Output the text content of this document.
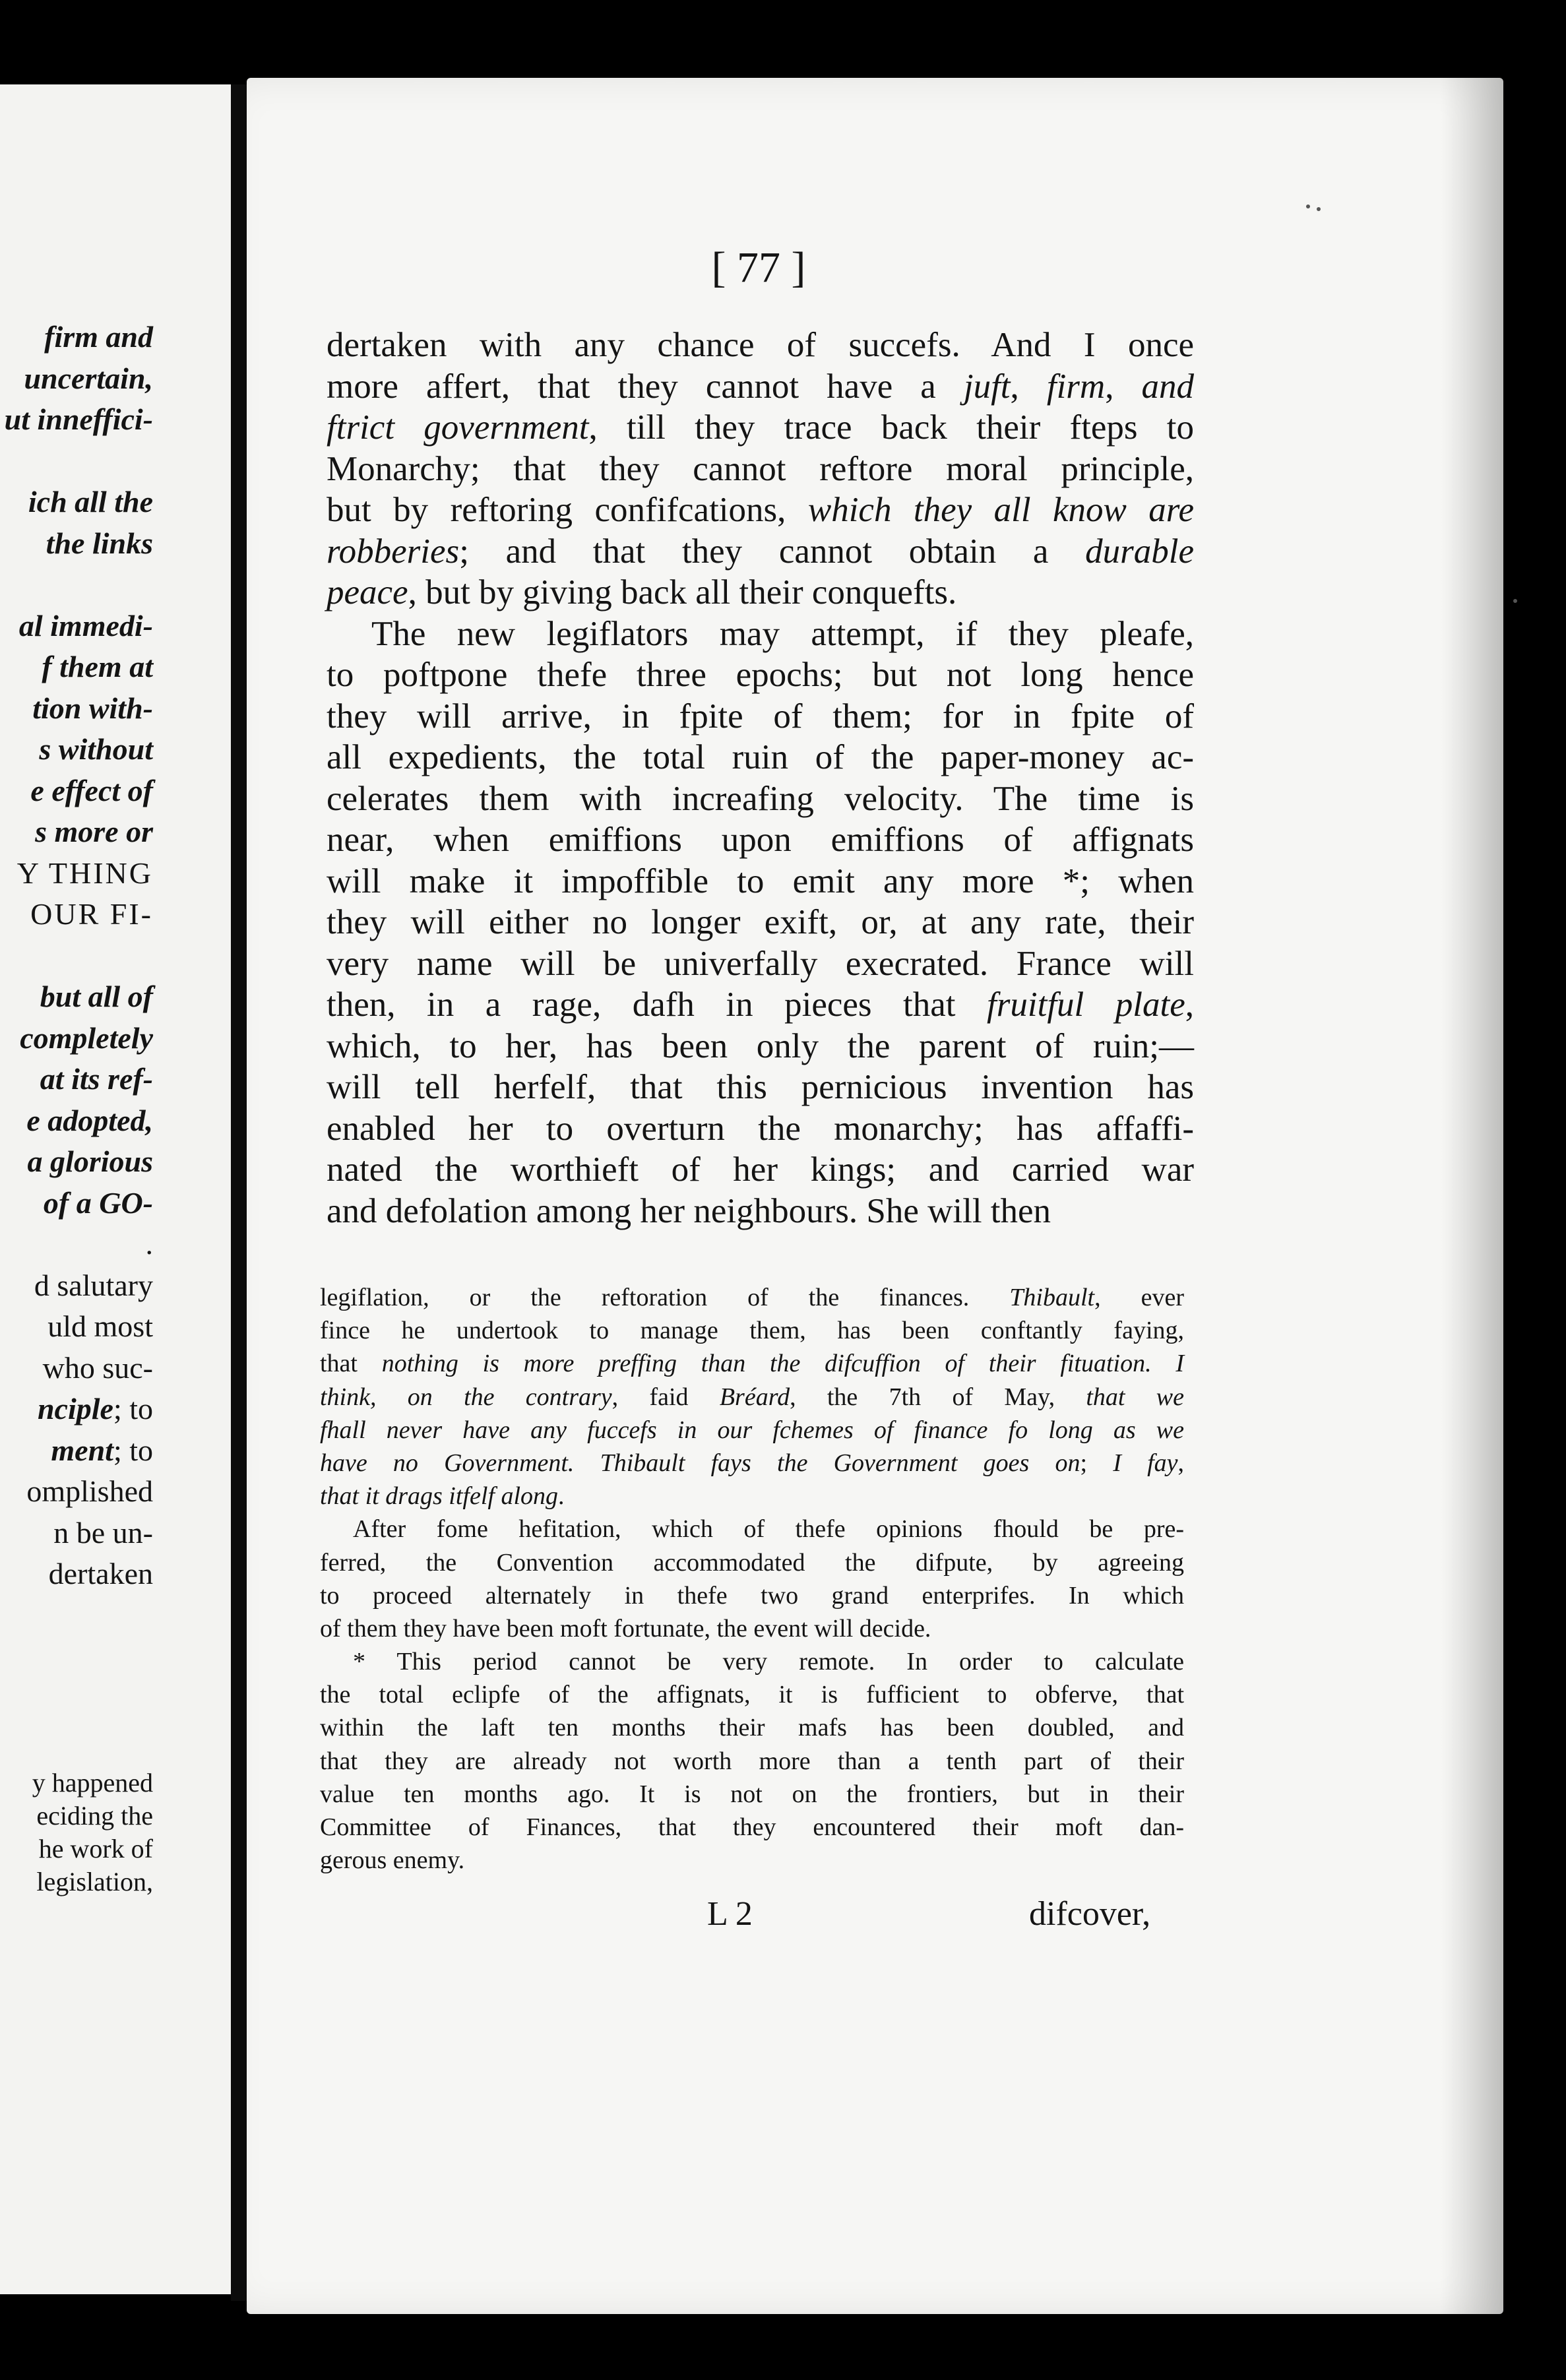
firm and
uncertain,
ut inneffici-
ich all the
the links
al immedi-
f them at
tion with-
s without
e effect of
s more or
Y THING
OUR FI-
but all of
completely
at its ref-
e adopted,
a glorious
of a GO-
.
d salutary
uld most
who suc-
nciple; to
ment; to
omplished
n be un-
dertaken
y happened
eciding the
he work of
legislation,
[ 77 ]
dertaken with any chance of succefs. And I once
more affert, that they cannot have a juft, firm, and
ftrict government, till they trace back their fteps to
Monarchy; that they cannot reftore moral principle,
but by reftoring confifcations, which they all know are
robberies; and that they cannot obtain a durable
peace, but by giving back all their conquefts.
The new legiflators may attempt, if they pleafe,
to poftpone thefe three epochs; but not long hence
they will arrive, in fpite of them; for in fpite of
all expedients, the total ruin of the paper-money ac-
celerates them with increafing velocity. The time is
near, when emiffions upon emiffions of affignats
will make it impoffible to emit any more *; when
they will either no longer exift, or, at any rate, their
very name will be univerfally execrated. France will
then, in a rage, dafh in pieces that fruitful plate,
which, to her, has been only the parent of ruin;—
will tell herfelf, that this pernicious invention has
enabled her to overturn the monarchy; has affaffi-
nated the worthieft of her kings; and carried war
and defolation among her neighbours. She will then
legiflation, or the reftoration of the finances. Thibault, ever
fince he undertook to manage them, has been conftantly faying,
that nothing is more preffing than the difcuffion of their fituation. I
think, on the contrary, faid Bréard, the 7th of May, that we
fhall never have any fuccefs in our fchemes of finance fo long as we
have no Government. Thibault fays the Government goes on; I fay,
that it drags itfelf along.
After fome hefitation, which of thefe opinions fhould be pre-
ferred, the Convention accommodated the difpute, by agreeing
to proceed alternately in thefe two grand enterprifes. In which
of them they have been moft fortunate, the event will decide.
* This period cannot be very remote. In order to calculate
the total eclipfe of the affignats, it is fufficient to obferve, that
within the laft ten months their mafs has been doubled, and
that they are already not worth more than a tenth part of their
value ten months ago. It is not on the frontiers, but in their
Committee of Finances, that they encountered their moft dan-
gerous enemy.
L 2	difcover,
